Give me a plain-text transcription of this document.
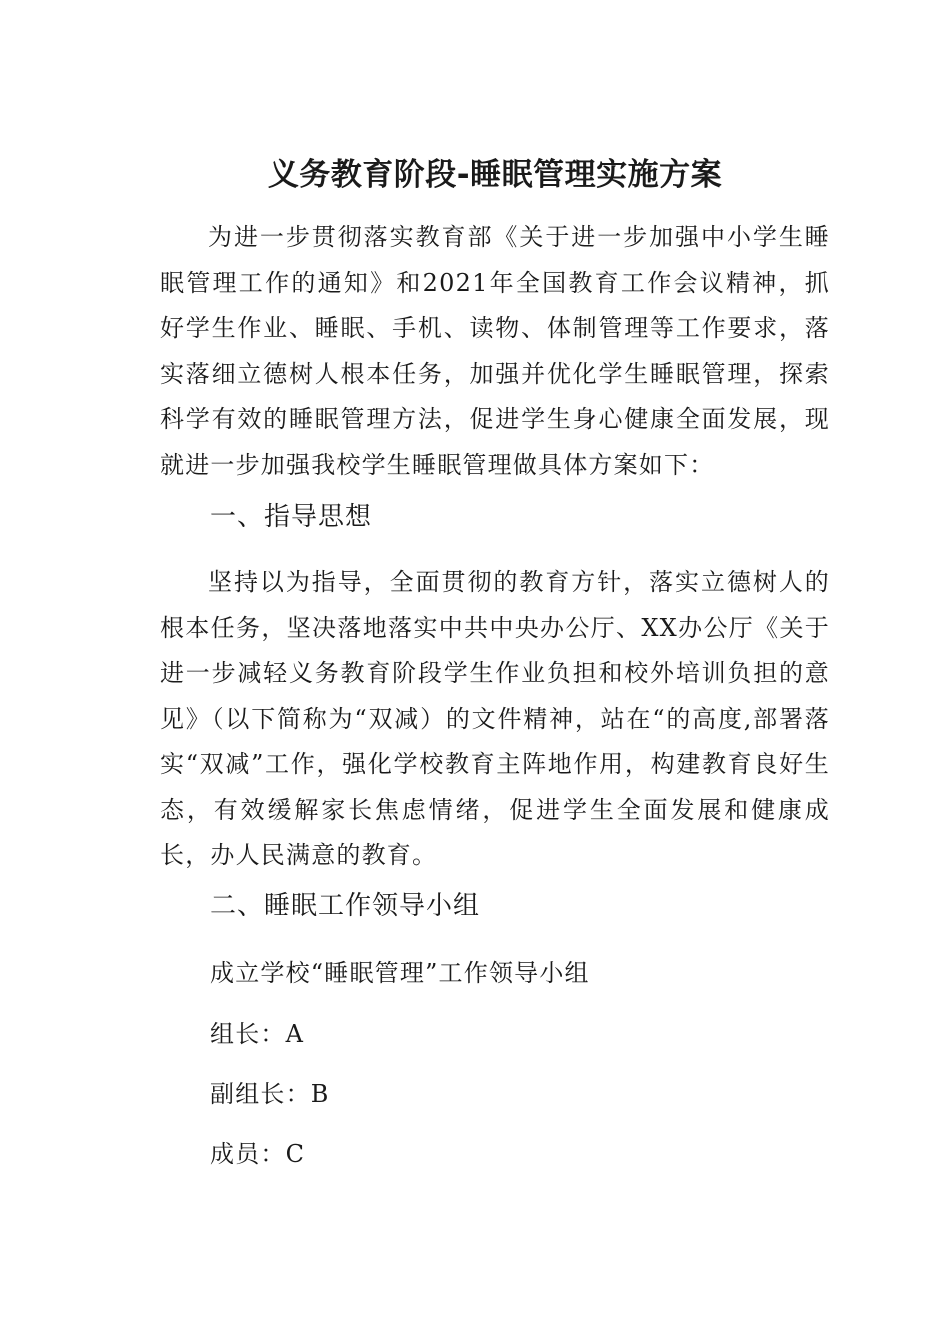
义务教育阶段-睡眠管理实施方案

为进一步贯彻落实教育部《关于进一步加强中小学生睡眠管理工作的通知》和2021年全国教育工作会议精神，抓好学生作业、睡眠、手机、读物、体制管理等工作要求，落实落细立德树人根本任务，加强并优化学生睡眠管理，探索科学有效的睡眠管理方法，促进学生身心健康全面发展，现就进一步加强我校学生睡眠管理做具体方案如下：

一、指导思想

坚持以为指导，全面贯彻的教育方针，落实立德树人的根本任务，坚决落地落实中共中央办公厅、XX办公厅《关于进一步减轻义务教育阶段学生作业负担和校外培训负担的意见》（以下简称为“双减）的文件精神，站在“的高度,部署落实“双减”工作，强化学校教育主阵地作用，构建教育良好生态，有效缓解家长焦虑情绪，促进学生全面发展和健康成长，办人民满意的教育。

二、睡眠工作领导小组
成立学校“睡眠管理”工作领导小组
组长：A
副组长：B
成员：C
